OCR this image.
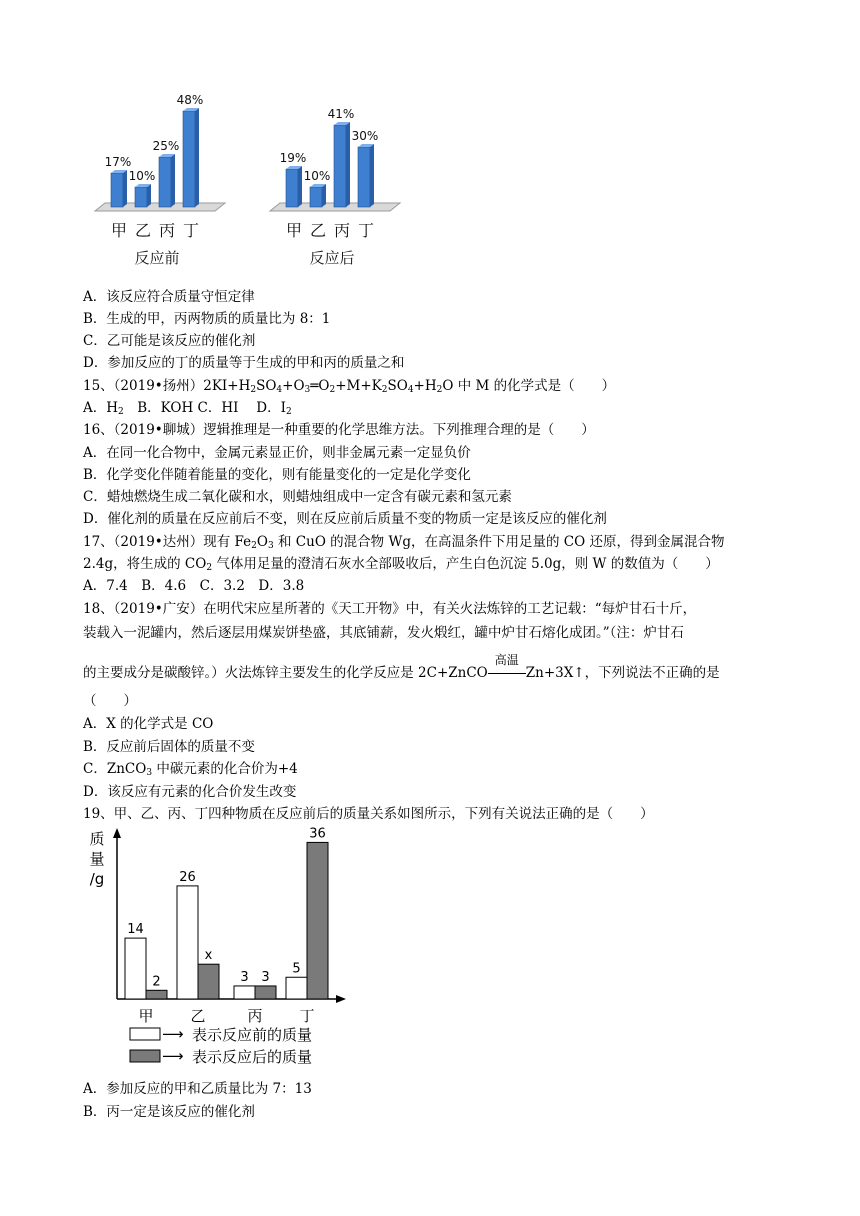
17%
甲
10%
乙
25%
丙
48%
丁
反应前
19%
甲
10%
乙
41%
丙
30%
丁
反应后
A．该反应符合质量守恒定律
B．生成的甲，丙两物质的质量比为 8：1
C．乙可能是该反应的催化剂
D．参加反应的丁的质量等于生成的甲和丙的质量之和
15、（2019•扬州）$2KI+H_2SO_4+O_3═O_2+M+K_2SO_4+H_2O$ 中 M 的化学式是（　　）
A．$H_2$　 B．KOH C．HI　 D．$I_2$
16、（2019•聊城）逻辑推理是一种重要的化学思维方法。下列推理合理的是（　　）
A．在同一化合物中，金属元素显正价，则非金属元素一定显负价
B．化学变化伴随着能量的变化，则有能量变化的一定是化学变化
C．蜡烛燃烧生成二氧化碳和水，则蜡烛组成中一定含有碳元素和氢元素
D．催化剂的质量在反应前后不变，则在反应前后质量不变的物质一定是该反应的催化剂
17、（2019•达州）现有 $Fe_2O_3$ 和 CuO 的混合物 Wg，在高温条件下用足量的 CO 还原，得到金属混合物
2.4g，将生成的 $CO_2$ 气体用足量的澄清石灰水全部吸收后，产生白色沉淀 5.0g，则 W 的数值为（　　）
A．7.4　B．4.6　C．3.2　D．3.8
18、（2019•广安）在明代宋应星所著的《天工开物》中，有关火法炼锌的工艺记载：“每炉甘石十斤，
装载入一泥罐内，然后逐层用煤炭饼垫盛，其底铺薪，发火煅红，罐中炉甘石熔化成团。”（注：炉甘石
的主要成分是碳酸锌。）火法炼锌主要发生的化学反应是 2C+ZnCO
高温
Zn+3X↑，下列说法不正确的是
（　　）
A．X 的化学式是 CO
B．反应前后固体的质量不变
C．ZnCO$_3$ 中碳元素的化合价为+4
D．该反应有元素的化合价发生改变
19、甲、乙、丙、丁四种物质在反应前后的质量关系如图所示，下列有关说法正确的是（　　）
质
量
/g
14
2
甲
26
x
乙
3 3
丙
5
36
丁
⟶ 表示反应前的质量
⟶ 表示反应后的质量
A．参加反应的甲和乙质量比为 7：13
B．丙一定是该反应的催化剂
